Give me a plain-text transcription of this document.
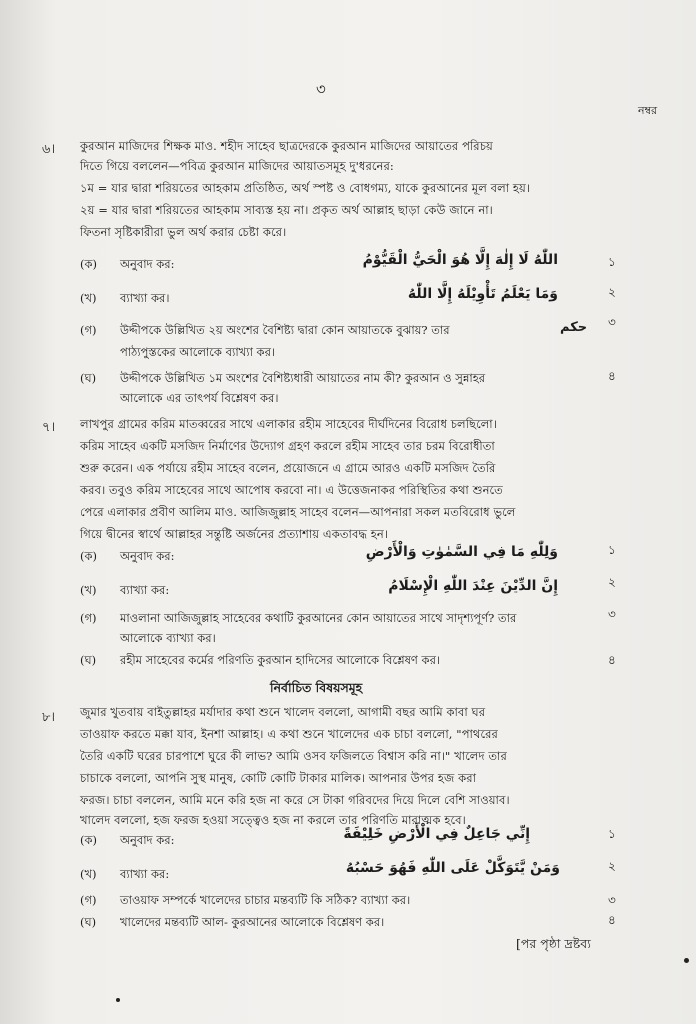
৩
নম্বর
৬। কুরআন মাজিদের শিক্ষক মাও. শহীদ সাহেব ছাত্রদেরকে কুরআন মাজিদের আয়াতের পরিচয়
দিতে গিয়ে বললেন—পবিত্র কুরআন মাজিদের আয়াতসমূহ দু'ধরনের:
১ম = যার দ্বারা শরিয়তের আহকাম প্রতিষ্ঠিত, অর্থ স্পষ্ট ও বোধগম্য, যাকে কুরআনের মূল বলা হয়।
২য় = যার দ্বারা শরিয়তের আহকাম সাব্যস্ত হয় না। প্রকৃত অর্থ আল্লাহ ছাড়া কেউ জানে না।
ফিতনা সৃষ্টিকারীরা ভুল অর্থ করার চেষ্টা করে।
(ক) অনুবাদ কর:	اللّٰهُ لَا إِلٰهَ إِلَّا هُوَ الْحَيُّ الْقَيُّوْمُ	১
(খ) ব্যাখ্যা কর।	وَمَا يَعْلَمُ تَأْوِيْلَهُ إِلَّا اللّٰهُ	২
(গ) উদ্দীপকে উল্লিখিত ২য় অংশের বৈশিষ্ট্য দ্বারা কোন আয়াতকে বুঝায়? তার
পাঠ্যপুস্তকের আলোকে ব্যাখ্যা কর।
حكم ৩
(ঘ) উদ্দীপকে উল্লিখিত ১ম অংশের বৈশিষ্ট্যধারী আয়াতের নাম কী? কুরআন ও সুন্নাহর
আলোকে এর তাৎপর্য বিশ্লেষণ কর।
৪
৭। লাখপুর গ্রামের করিম মাতব্বরের সাথে এলাকার রহীম সাহেবের দীর্ঘদিনের বিরোধ চলছিলো।
করিম সাহেব একটি মসজিদ নির্মাণের উদ্যোগ গ্রহণ করলে রহীম সাহেব তার চরম বিরোধীতা
শুরু করেন। এক পর্যায়ে রহীম সাহেব বলেন, প্রয়োজনে এ গ্রামে আরও একটি মসজিদ তৈরি
করব। তবুও করিম সাহেবের সাথে আপোষ করবো না। এ উত্তেজনাকর পরিস্থিতির কথা শুনতে
পেরে এলাকার প্রবীণ আলিম মাও. আজিজুল্লাহ সাহেব বলেন—আপনারা সকল মতবিরোধ ভুলে
গিয়ে দ্বীনের স্বার্থে আল্লাহর সন্তুষ্টি অর্জনের প্রত্যাশায় একতাবদ্ধ হন।
(ক) অনুবাদ কর:	وَلِلّٰهِ مَا فِي السَّمٰوٰتِ وَالْأَرْضِ	১
(খ) ব্যাখ্যা কর:	إِنَّ الدِّيْنَ عِنْدَ اللّٰهِ الْإِسْلَامُ	২
(গ) মাওলানা আজিজুল্লাহ সাহেবের কথাটি কুরআনের কোন আয়াতের সাথে সাদৃশ্যপূর্ণ? তার
আলোকে ব্যাখ্যা কর।
৩
(ঘ) রহীম সাহেবের কর্মের পরিণতি কুরআন হাদিসের আলোকে বিশ্লেষণ কর।	৪
নির্বাচিত বিষয়সমূহ
৮। জুমার খুতবায় বাইতুল্লাহর মর্যাদার কথা শুনে খালেদ বললো, আগামী বছর আমি কাবা ঘর
তাওয়াফ করতে মক্কা যাব, ইনশা আল্লাহ। এ কথা শুনে খালেদের এক চাচা বললো, "পাথরের
তৈরি একটি ঘরের চারপাশে ঘুরে কী লাভ? আমি ওসব ফজিলতে বিশ্বাস করি না।" খালেদ তার
চাচাকে বললো, আপনি সুস্থ মানুষ, কোটি কোটি টাকার মালিক। আপনার উপর হজ করা
ফরজ। চাচা বললেন, আমি মনে করি হজ না করে সে টাকা গরিবদের দিয়ে দিলে বেশি সাওয়াব।
খালেদ বললো, হজ ফরজ হওয়া সত্ত্বেও হজ না করলে তার পরিণতি মারাত্মক হবে।
(ক) অনুবাদ কর:	إِنِّي جَاعِلٌ فِي الْأَرْضِ خَلِيْفَةً	১
(খ) ব্যাখ্যা কর:	وَمَنْ يَّتَوَكَّلْ عَلَى اللّٰهِ فَهُوَ حَسْبُهُ	২
(গ) তাওয়াফ সম্পর্কে খালেদের চাচার মন্তব্যটি কি সঠিক? ব্যাখ্যা কর।	৩
(ঘ) খালেদের মন্তব্যটি আল- কুরআনের আলোকে বিশ্লেষণ কর।	৪
[পর পৃষ্ঠা দ্রষ্টব্য
